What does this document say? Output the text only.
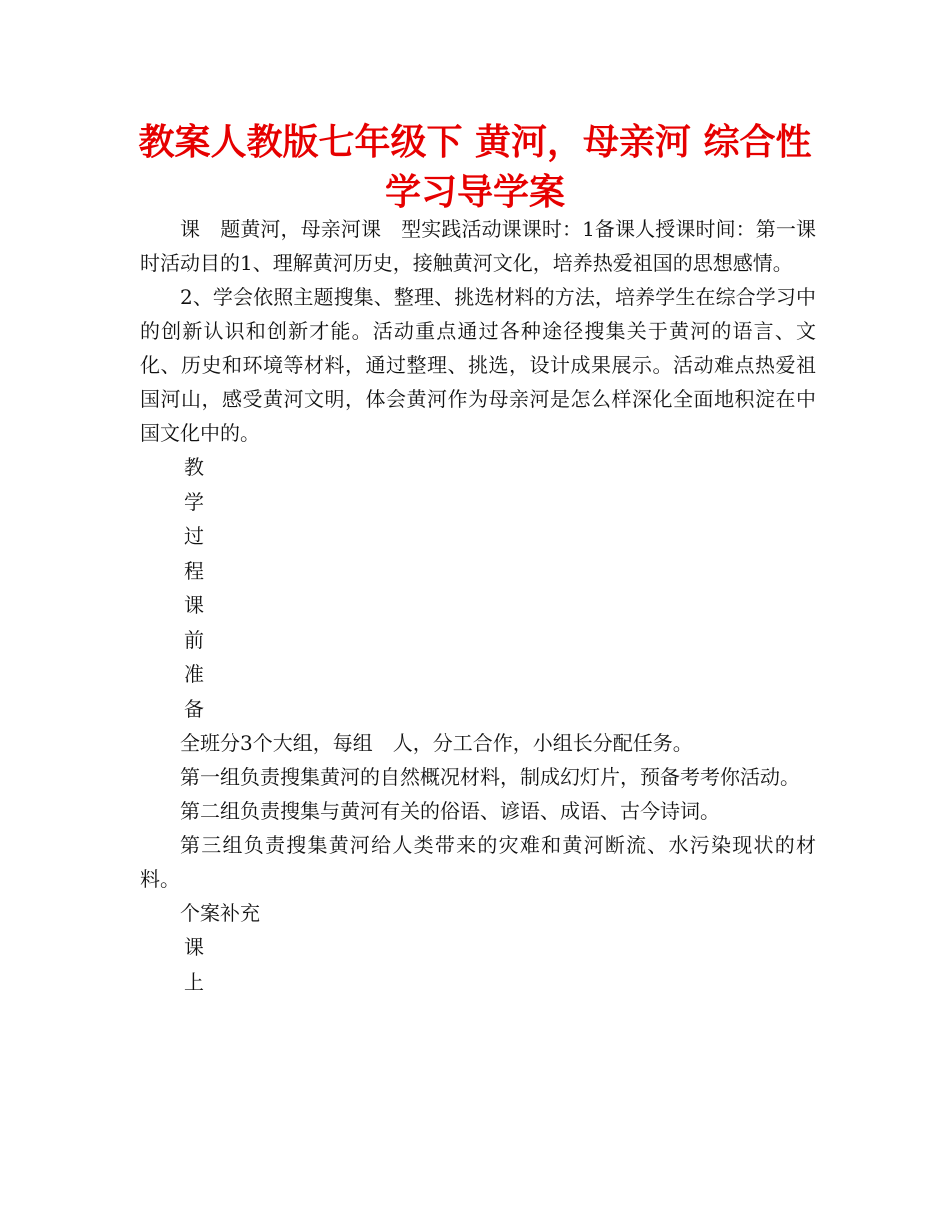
教案人教版七年级下 黄河，母亲河 综合性
学习导学案

课　题黄河，母亲河课　型实践活动课课时：1备课人授课时间：第一课时活动目的1、理解黄河历史，接触黄河文化，培养热爱祖国的思想感情。

2、学会依照主题搜集、整理、挑选材料的方法，培养学生在综合学习中的创新认识和创新才能。活动重点通过各种途径搜集关于黄河的语言、文化、历史和环境等材料，通过整理、挑选，设计成果展示。活动难点热爱祖国河山，感受黄河文明，体会黄河作为母亲河是怎么样深化全面地积淀在中国文化中的。

教

学

过

程

课

前

准

备

全班分3个大组，每组　人，分工合作，小组长分配任务。

第一组负责搜集黄河的自然概况材料，制成幻灯片，预备考考你活动。

第二组负责搜集与黄河有关的俗语、谚语、成语、古今诗词。

第三组负责搜集黄河给人类带来的灾难和黄河断流、水污染现状的材料。

个案补充

课

上
